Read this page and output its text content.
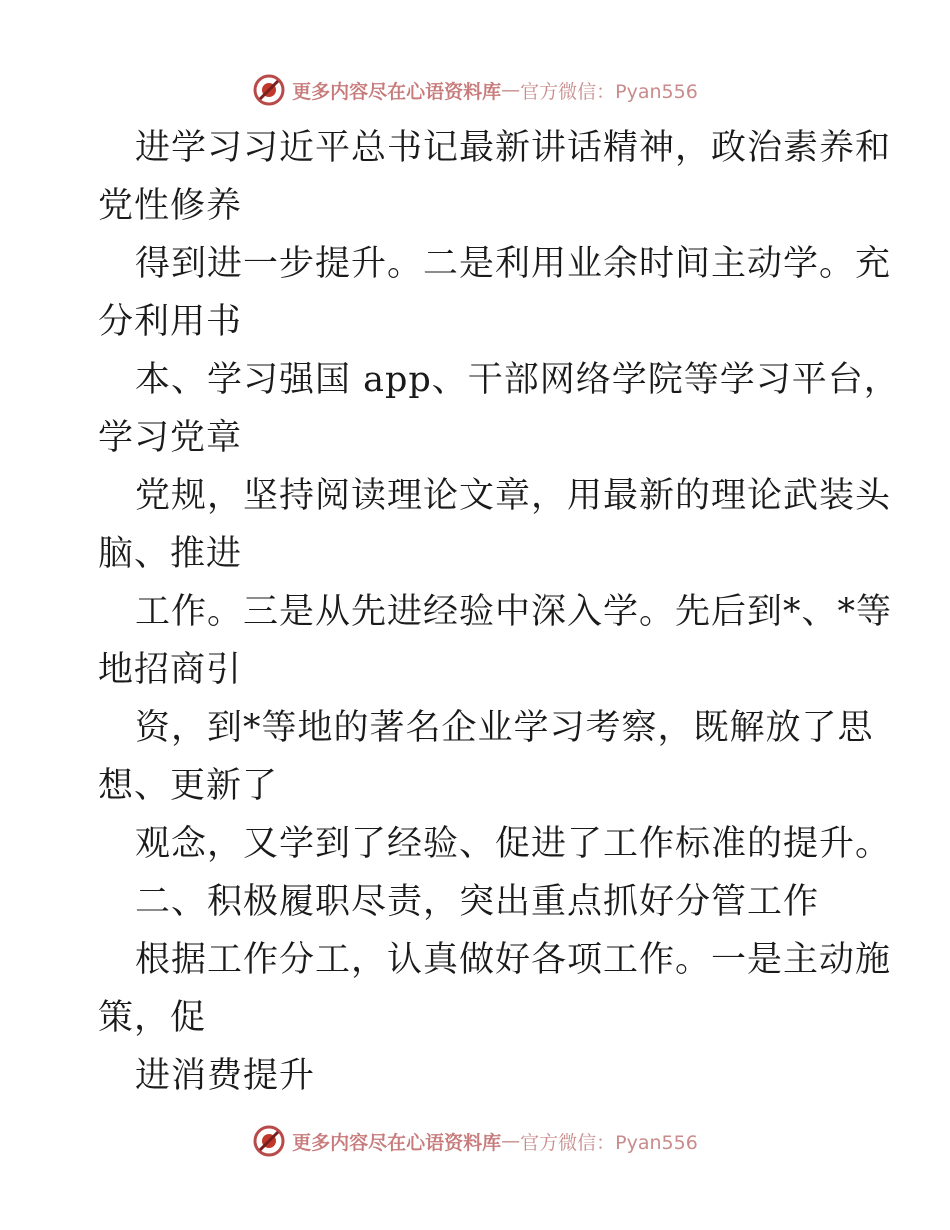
更多内容尽在心语资料库 — 官方微信：Pyan556
进学习习近平总书记最新讲话精神，政治素养和
党性修养
得到进一步提升。二是利用业余时间主动学。充
分利用书
本、学习强国 app、干部网络学院等学习平台，
学习党章
党规，坚持阅读理论文章，用最新的理论武装头
脑、推进
工作。三是从先进经验中深入学。先后到*、*等
地招商引
资，到*等地的著名企业学习考察，既解放了思
想、更新了
观念，又学到了经验、促进了工作标准的提升。
二、积极履职尽责，突出重点抓好分管工作
根据工作分工，认真做好各项工作。一是主动施
策，促
进消费提升
更多内容尽在心语资料库 — 官方微信：Pyan556
